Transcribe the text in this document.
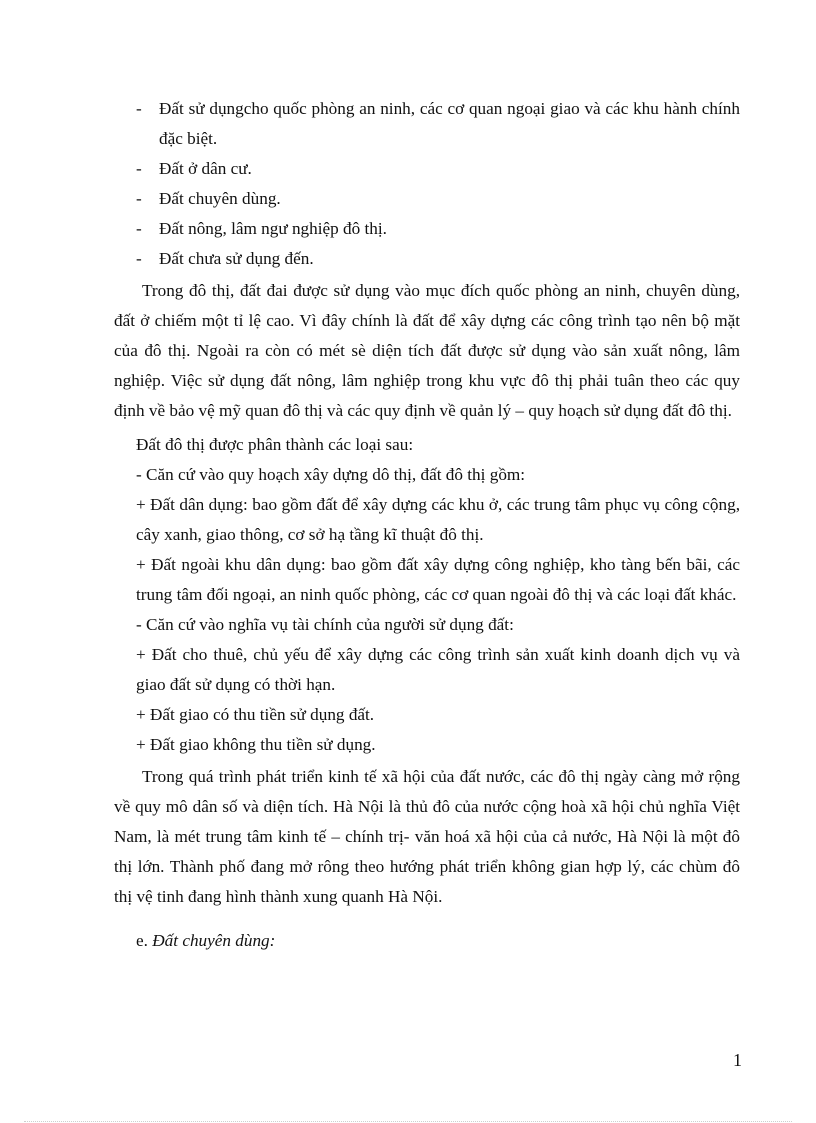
- Đất sử dụngcho quốc phòng an ninh, các cơ quan ngoại giao và các khu hành chính đặc biệt.
- Đất ở dân cư.
- Đất chuyên dùng.
- Đất nông, lâm ngư nghiệp đô thị.
- Đất chưa sử dụng đến.

Trong đô thị, đất đai được sử dụng vào mục đích quốc phòng an ninh, chuyên dùng, đất ở chiếm một tỉ lệ cao. Vì đây chính là đất để xây dựng các công trình tạo nên bộ mặt của đô thị. Ngoài ra còn có mét sè diện tích đất được sử dụng vào sản xuất nông, lâm nghiệp. Việc sử dụng đất nông, lâm nghiệp trong khu vực đô thị phải tuân theo các quy định về bảo vệ mỹ quan đô thị và các quy định về quản lý – quy hoạch sử dụng đất đô thị.

Đất đô thị được phân thành các loại sau:

- Căn cứ vào quy hoạch xây dựng dô thị, đất đô thị gồm:

+ Đất dân dụng: bao gồm đất để xây dựng các khu ở, các trung tâm phục vụ công cộng, cây xanh, giao thông, cơ sở hạ tầng kĩ thuật đô thị.

+ Đất ngoài khu dân dụng: bao gồm đất xây dựng công nghiệp, kho tàng bến bãi, các trung tâm đối ngoại, an ninh quốc phòng, các cơ quan ngoài đô thị và các loại đất khác.

- Căn cứ vào nghĩa vụ tài chính của người sử dụng đất:

+ Đất cho thuê, chủ yếu để xây dựng các công trình sản xuất kinh doanh dịch vụ và giao đất sử dụng có thời hạn.

+ Đất giao có thu tiền sử dụng đất.

+ Đất giao không thu tiền sử dụng.

Trong quá trình phát triển kinh tế xã hội của đất nước, các đô thị ngày càng mở rộng về quy mô dân số và diện tích. Hà Nội là thủ đô của nước cộng hoà xã hội chủ nghĩa Việt Nam, là mét trung tâm kinh tế – chính trị- văn hoá xã hội của cả nước, Hà Nội là một đô thị lớn. Thành phố đang mở rông theo hướng phát triển không gian hợp lý, các chùm đô thị vệ tinh đang hình thành xung quanh Hà Nội.

e. Đất chuyên dùng:

1
